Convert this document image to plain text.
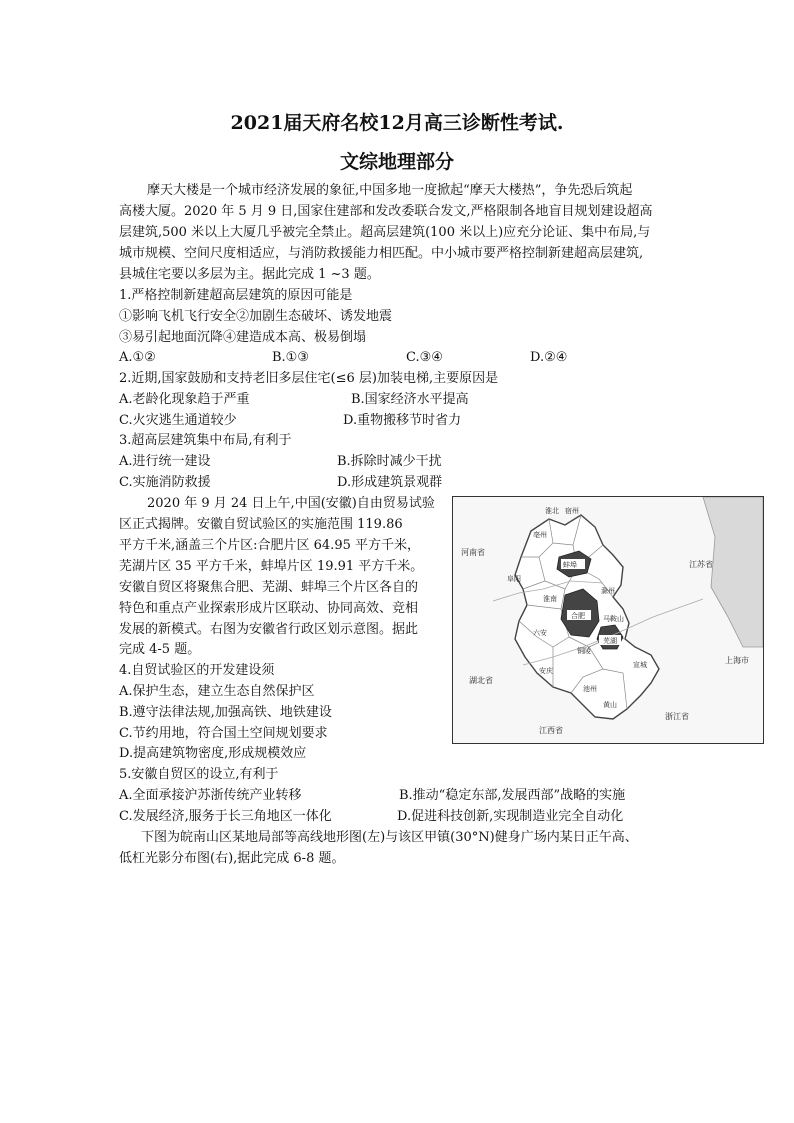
2021届天府名校12月高三诊断性考试.
文综地理部分
摩天大楼是一个城市经济发展的象征,中国多地一度掀起“摩天大楼热”，争先恐后筑起
高楼大厦。2020 年 5 月 9 日,国家住建部和发改委联合发文,严格限制各地盲目规划建设超高
层建筑,500 米以上大厦几乎被完全禁止。超高层建筑(100 米以上)应充分论证、集中布局,与
城市规模、空间尺度相适应，与消防救援能力相匹配。中小城市要严格控制新建超高层建筑,
县城住宅要以多层为主。据此完成 1 ~3 题。
1.严格控制新建超高层建筑的原因可能是
①影响飞机飞行安全②加剧生态破坏、诱发地震
③易引起地面沉降④建造成本高、极易倒塌
A.①②	B.①③	C.③④	D.②④
2.近期,国家鼓励和支持老旧多层住宅(≤6 层)加装电梯,主要原因是
A.老龄化现象趋于严重	B.国家经济水平提高
C.火灾逃生通道较少	D.重物搬移节时省力
3.超高层建筑集中布局,有利于
A.进行统一建设	B.拆除时减少干扰
C.实施消防救援	D.形成建筑景观群
2020 年 9 月 24 日上午,中国(安徽)自由贸易试验
区正式揭牌。安徽自贸试验区的实施范围 119.86
平方千米,涵盖三个片区:合肥片区 64.95 平方千米，
芜湖片区 35 平方千米，蚌埠片区 19.91 平方千米。
安徽自贸区将聚焦合肥、芜湖、蚌埠三个片区各自的
特色和重点产业探索形成片区联动、协同高效、竞相
发展的新模式。右图为安徽省行政区划示意图。据此
完成 4-5 题。
4.自贸试验区的开发建设须
A.保护生态，建立生态自然保护区
B.遵守法律法规,加强高铁、地铁建设
C.节约用地，符合国土空间规划要求
D.提高建筑物密度,形成规模效应
5.安徽自贸区的设立,有利于
A.全面承接沪苏浙传统产业转移	B.推动“稳定东部,发展西部”战略的实施
C.发展经济,服务于长三角地区一体化	D.促进科技创新,实现制造业完全自动化
下图为皖南山区某地局部等高线地形图(左)与该区甲镇(30°N)健身广场内某日正午高、
低杠光影分布图(右),据此完成 6-8 题。
河南省
江苏省
湖北省
江西省
浙江省
上海市
淮北 宿州
亳州
阜阳
蚌埠
淮南
滁州
六安
合肥	马鞍山
芜湖
铜陵
安庆
池州
宣城
黄山
